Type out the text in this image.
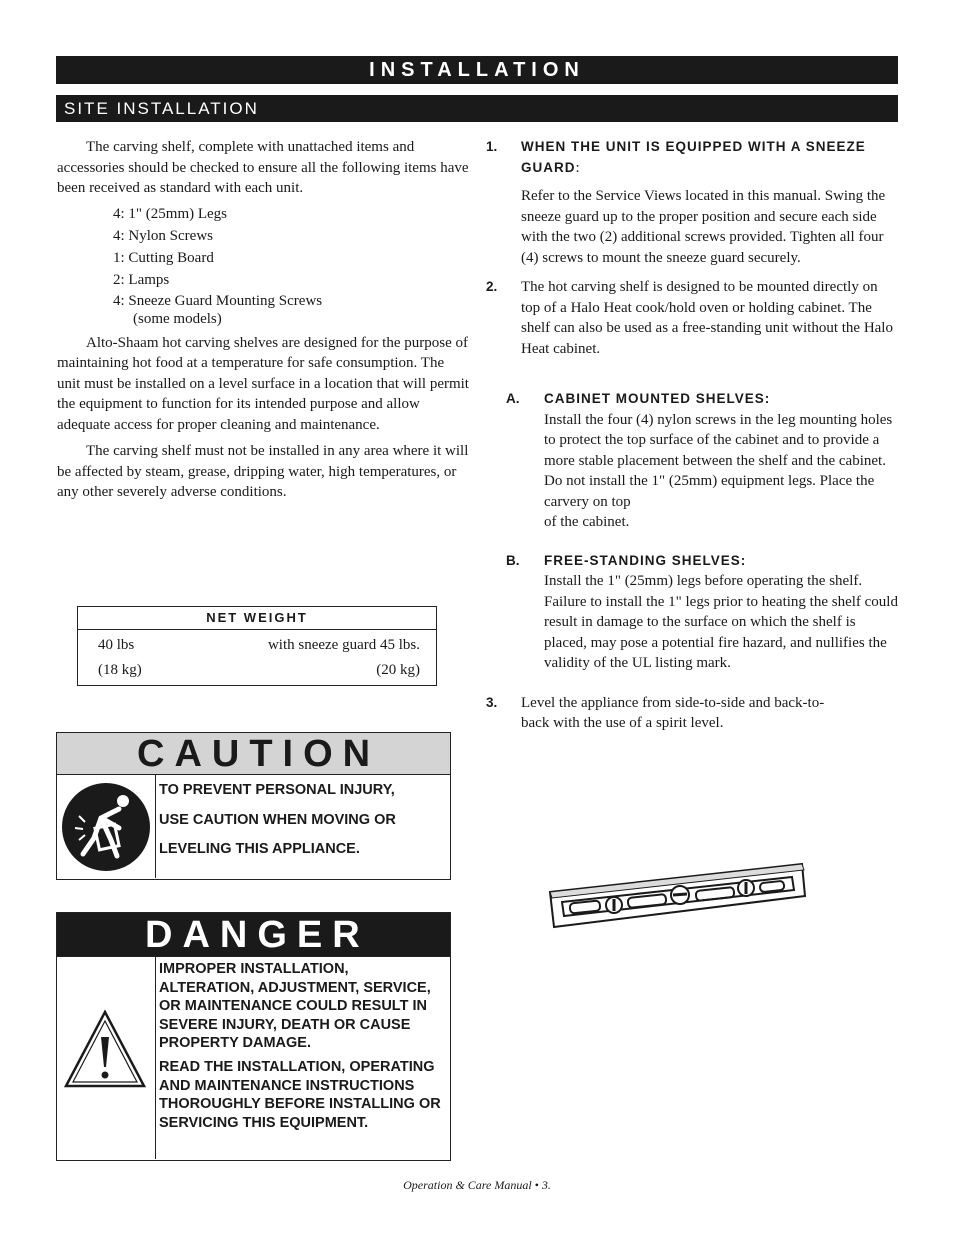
INSTALLATION
SITE INSTALLATION

The carving shelf, complete with unattached items and accessories should be checked to ensure all the following items have been received as standard with each unit.

4: 1" (25mm) Legs
4: Nylon Screws
1: Cutting Board
2: Lamps
4: Sneeze Guard Mounting Screws
(some models)

Alto-Shaam hot carving shelves are designed for the purpose of maintaining hot food at a temperature for safe consumption. The unit must be installed on a level surface in a location that will permit the equipment to function for its intended purpose and allow adequate access for proper cleaning and maintenance.

The carving shelf must not be installed in any area where it will be affected by steam, grease, dripping water, high temperatures, or any other severely adverse conditions.

NET WEIGHT
40 lbs	with sneeze guard 45 lbs.
(18 kg)	(20 kg)
CAUTION
TO PREVENT PERSONAL INJURY,
USE CAUTION WHEN MOVING OR
LEVELING THIS APPLIANCE.
DANGER
IMPROPER INSTALLATION, ALTERATION, ADJUSTMENT, SERVICE, OR MAINTENANCE COULD RESULT IN SEVERE INJURY, DEATH OR CAUSE PROPERTY DAMAGE.
READ THE INSTALLATION, OPERATING AND MAINTENANCE INSTRUCTIONS THOROUGHLY BEFORE INSTALLING OR SERVICING THIS EQUIPMENT.
1. WHEN THE UNIT IS EQUIPPED WITH A SNEEZE GUARD:
Refer to the Service Views located in this manual. Swing the sneeze guard up to the proper position and secure each side with the two (2) additional screws provided. Tighten all four (4) screws to mount the sneeze guard securely.
2. The hot carving shelf is designed to be mounted directly on top of a Halo Heat cook/hold oven or holding cabinet. The shelf can also be used as a free-standing unit without the Halo Heat cabinet.
A. CABINET MOUNTED SHELVES:
Install the four (4) nylon screws in the leg mounting holes to protect the top surface of the cabinet and to provide a more stable placement between the shelf and the cabinet. Do not install the 1" (25mm) equipment legs. Place the carvery on top
of the cabinet.
B. FREE-STANDING SHELVES:
Install the 1" (25mm) legs before operating the shelf. Failure to install the 1" legs prior to heating the shelf could result in damage to the surface on which the shelf is placed, may pose a potential fire hazard, and nullifies the validity of the UL listing mark.
3. Level the appliance from side-to-side and back-to-back with the use of a spirit level.
Operation & Care Manual • 3.
